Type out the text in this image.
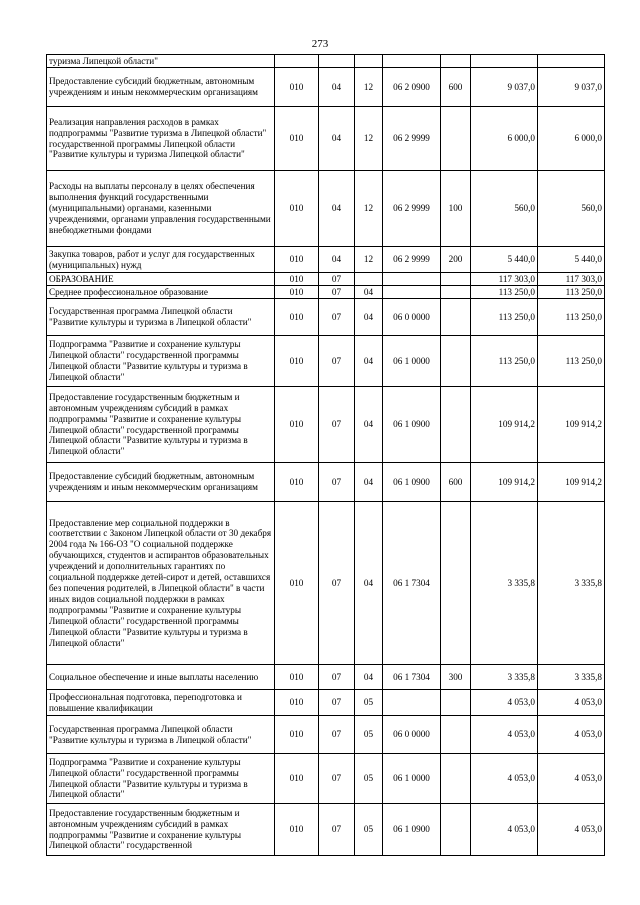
273
туризма Липецкой области"							
Предоставление субсидий бюджетным, автономным учреждениям и иным некоммерческим организациям	010	04	12	06 2 0900	600	9 037,0	9 037,0
Реализация направления расходов в рамках подпрограммы "Развитие туризма в Липецкой области" государственной программы Липецкой области "Развитие культуры и туризма Липецкой области"	010	04	12	06 2 9999		6 000,0	6 000,0
Расходы на выплаты персоналу в целях обеспечения выполнения функций государственными (муниципальными) органами, казенными учреждениями, органами управления государственными внебюджетными фондами	010	04	12	06 2 9999	100	560,0	560,0
Закупка товаров, работ и услуг для государственных (муниципальных) нужд	010	04	12	06 2 9999	200	5 440,0	5 440,0
ОБРАЗОВАНИЕ	010	07				117 303,0	117 303,0
Среднее профессиональное образование	010	07	04			113 250,0	113 250,0
Государственная программа Липецкой области "Развитие культуры и туризма в Липецкой области"	010	07	04	06 0 0000		113 250,0	113 250,0
Подпрограмма "Развитие и сохранение культуры Липецкой области" государственной программы Липецкой области "Развитие культуры и туризма в Липецкой области"	010	07	04	06 1 0000		113 250,0	113 250,0
Предоставление государственным бюджетным и автономным учреждениям субсидий в рамках подпрограммы "Развитие и сохранение культуры Липецкой области" государственной программы Липецкой области "Развитие культуры и туризма в Липецкой области"	010	07	04	06 1 0900		109 914,2	109 914,2
Предоставление субсидий бюджетным, автономным учреждениям и иным некоммерческим организациям	010	07	04	06 1 0900	600	109 914,2	109 914,2
Предоставление мер социальной поддержки в соответствии с Законом Липецкой области от 30 декабря 2004 года № 166-ОЗ "О социальной поддержке обучающихся, студентов и аспирантов образовательных учреждений и дополнительных гарантиях по социальной поддержке детей-сирот и детей, оставшихся без попечения родителей, в Липецкой области" в части иных видов социальной поддержки в рамках подпрограммы "Развитие и сохранение культуры Липецкой области" государственной программы Липецкой области "Развитие культуры и туризма в Липецкой области"	010	07	04	06 1 7304		3 335,8	3 335,8
Социальное обеспечение и иные выплаты населению	010	07	04	06 1 7304	300	3 335,8	3 335,8
Профессиональная подготовка, переподготовка и повышение квалификации	010	07	05			4 053,0	4 053,0
Государственная программа Липецкой области "Развитие культуры и туризма в Липецкой области"	010	07	05	06 0 0000		4 053,0	4 053,0
Подпрограмма "Развитие и сохранение культуры Липецкой области" государственной программы Липецкой области "Развитие культуры и туризма в Липецкой области"	010	07	05	06 1 0000		4 053,0	4 053,0
Предоставление государственным бюджетным и автономным учреждениям субсидий в рамках подпрограммы "Развитие и сохранение культуры Липецкой области" государственной	010	07	05	06 1 0900		4 053,0	4 053,0
